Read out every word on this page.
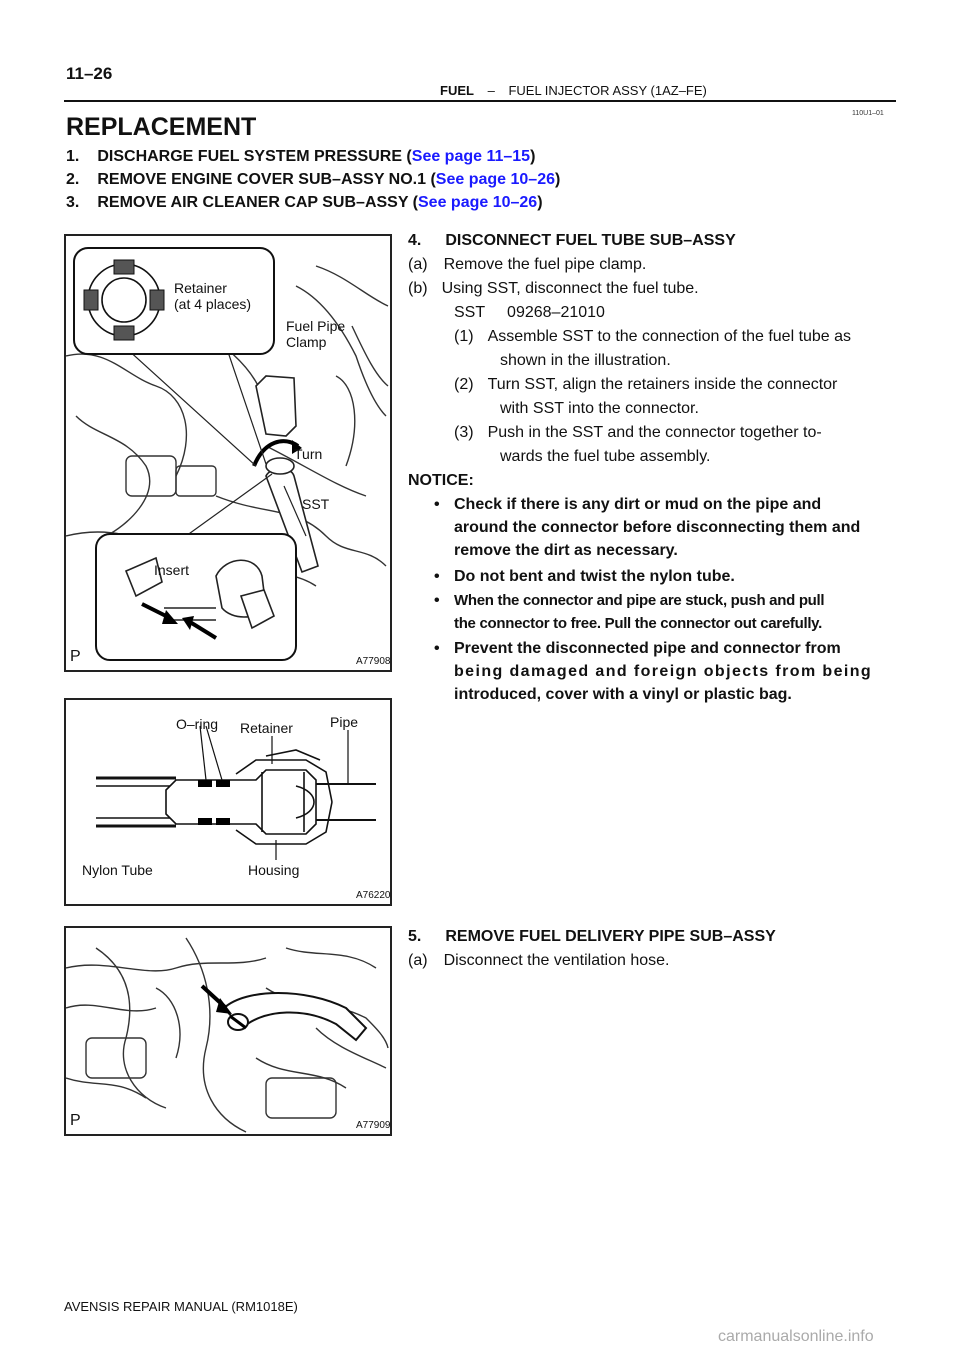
11–26
FUEL – FUEL INJECTOR ASSY (1AZ–FE)
110U1–01
REPLACEMENT
1. DISCHARGE FUEL SYSTEM PRESSURE (See page 11–15)
2. REMOVE ENGINE COVER SUB–ASSY NO.1 (See page 10–26)
3. REMOVE AIR CLEANER CAP SUB–ASSY (See page 10–26)
Retainer
(at 4 places)
Fuel Pipe
Clamp
Turn
SST
Insert
P	A77908
O–ring Retainer	Pipe
Nylon Tube	Housing
A76220
P	A77909
4. DISCONNECT FUEL TUBE SUB–ASSY
(a) Remove the fuel pipe clamp.
(b) Using SST, disconnect the fuel tube.
SST     09268–21010
(1) Assemble SST to the connection of the fuel tube as
shown in the illustration.
(2) Turn SST, align the retainers inside the connector
with SST into the connector.
(3) Push in the SST and the connector together to-
wards the fuel tube assembly.
NOTICE:
• Check if there is any dirt or mud on the pipe and
around the connector before disconnecting them and
remove the dirt as necessary.
• Do not bent and twist the nylon tube.
• When the connector and pipe are stuck, push and pull
the connector to free. Pull the connector out carefully.
• Prevent the disconnected pipe and connector from
being damaged and foreign objects from being
introduced, cover with a vinyl or plastic bag.
5. REMOVE FUEL DELIVERY PIPE SUB–ASSY
(a) Disconnect the ventilation hose.
AVENSIS REPAIR MANUAL (RM1018E)
carmanualsonline.info
